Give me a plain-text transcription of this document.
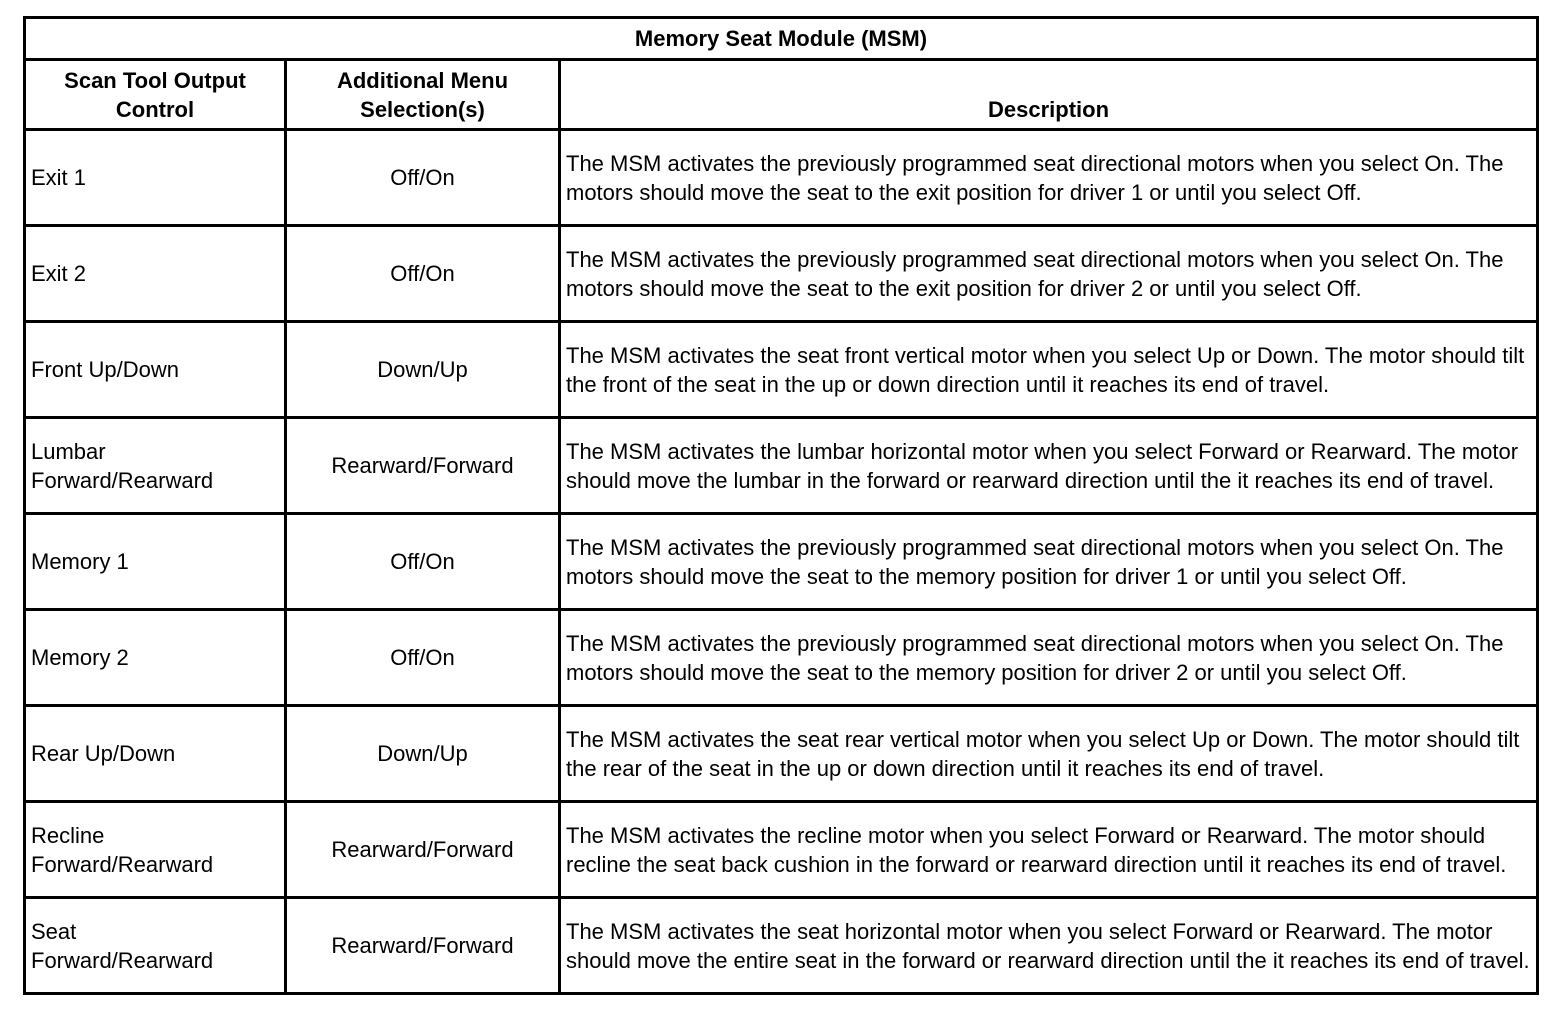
Memory Seat Module (MSM)		
Scan Tool Output Control	Additional Menu Selection(s)	Description
Exit 1	Off/On	The MSM activates the previously programmed seat directional motors when you select On. The motors should move the seat to the exit position for driver 1 or until you select Off.
Exit 2	Off/On	The MSM activates the previously programmed seat directional motors when you select On. The motors should move the seat to the exit position for driver 2 or until you select Off.
Front Up/Down	Down/Up	The MSM activates the seat front vertical motor when you select Up or Down. The motor should tilt the front of the seat in the up or down direction until it reaches its end of travel.
Lumbar Forward/Rearward	Rearward/Forward	The MSM activates the lumbar horizontal motor when you select Forward or Rearward. The motor should move the lumbar in the forward or rearward direction until the it reaches its end of travel.
Memory 1	Off/On	The MSM activates the previously programmed seat directional motors when you select On. The motors should move the seat to the memory position for driver 1 or until you select Off.
Memory 2	Off/On	The MSM activates the previously programmed seat directional motors when you select On. The motors should move the seat to the memory position for driver 2 or until you select Off.
Rear Up/Down	Down/Up	The MSM activates the seat rear vertical motor when you select Up or Down. The motor should tilt the rear of the seat in the up or down direction until it reaches its end of travel.
Recline Forward/Rearward	Rearward/Forward	The MSM activates the recline motor when you select Forward or Rearward. The motor should recline the seat back cushion in the forward or rearward direction until it reaches its end of travel.
Seat Forward/Rearward	Rearward/Forward	The MSM activates the seat horizontal motor when you select Forward or Rearward. The motor should move the entire seat in the forward or rearward direction until the it reaches its end of travel.
